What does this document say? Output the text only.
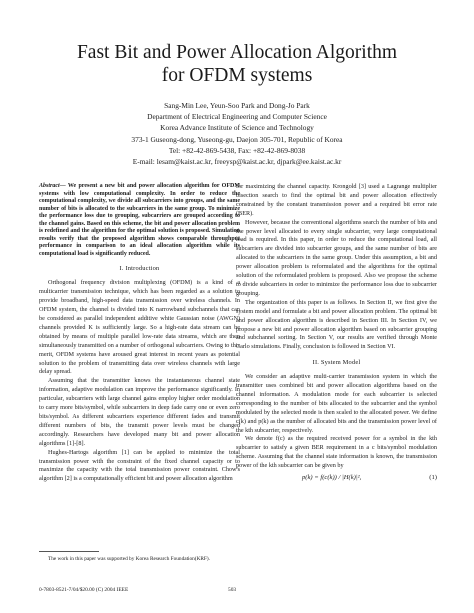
Fast Bit and Power Allocation Algorithm
for OFDM systems
Sang-Min Lee, Yeun-Soo Park and Dong-Jo Park
Department of Electrical Engineering and Computer Science
Korea Advance Institute of Science and Technology
373-1 Guseong-dong, Yuseong-gu, Daejon 305-701, Republic of Korea
Tel: +82-42-869-5438, Fax: +82-42-869-8038
E-mail: lesam@kaist.ac.kr, freeysp@kaist.ac.kr, djpark@ee.kaist.ac.kr

Abstract— We present a new bit and power allocation algorithm for OFDM systems with low computational complexity. In order to reduce the computational complexity, we divide all subcarriers into groups, and the same number of bits is allocated to the subcarriers in the same group. To minimize the performance loss due to grouping, subcarriers are grouped according to the channel gains. Based on this scheme, the bit and power allocation problem is redefined and the algorithm for the optimal solution is proposed. Simulation results verify that the proposed algorithm shows comparable throughput performance in comparison to an ideal allocation algorithm while its computational load is significantly reduced.

I. Introduction

Orthogonal frequency division multiplexing (OFDM) is a kind of a multicarrier transmission technique, which has been regarded as a solution to provide broadband, high-speed data transmission over wireless channels. In OFDM system, the channel is divided into K narrowband subchannels that can be considered as parallel independent additive white Gaussian noise (AWGN) channels provided K is sufficiently large. So a high-rate data stream can be obtained by means of multiple parallel low-rate data streams, which are then simultaneously transmitted on a number of orthogonal subcarriers. Owing to this merit, OFDM systems have aroused great interest in recent years as potential solution to the problem of transmitting data over wireless channels with large delay spread.

Assuming that the transmitter knows the instantaneous channel state information, adaptive modulation can improve the performance significantly. In particular, subcarriers with large channel gains employ higher order modulation to carry more bits/symbol, while subcarriers in deep fade carry one or even zero bits/symbol. As different subcarriers experience different fades and transmit different numbers of bits, the transmit power levels must be changed accordingly. Researchers have developed many bit and power allocation algorithms [1]-[8].

Hughes-Hartogs algorithm [1] can be applied to minimize the total transmission power with the constraint of the fixed channel capacity or to maximize the capacity with the total transmission power constraint. Chow's algorithm [2] is a computationally efficient bit and power allocation algorithm

for maximizing the channel capacity. Krongold [3] used a Lagrange multiplier bisection search to find the optimal bit and power allocation effectively constrained by the constant transmission power and a required bit error rate (BER).

However, because the conventional algorithms search the number of bits and the power level allocated to every single subcarrier, very large computational load is required. In this paper, in order to reduce the computational load, all subcarriers are divided into subcarrier groups, and the same number of bits are allocated to the subcarriers in the same group. Under this assumption, a bit and power allocation problem is reformulated and the algorithms for the optimal solution of the reformulated problem is proposed. Also we propose the scheme to divide subcarriers in order to minimize the performance loss due to subcarrier grouping.

The organization of this paper is as follows. In Section II, we first give the system model and formulate a bit and power allocation problem. The optimal bit and power allocation algorithm is described in Section III. In Section IV, we propose a new bit and power allocation algorithm based on subcarrier grouping and subchannel sorting. In Section V, our results are verified through Monte Carlo simulations. Finally, conclusion is followed in Section VI.

II. System Model

We consider an adaptive multi-carrier transmission system in which the transmitter uses combined bit and power allocation algorithms based on the channel information. A modulation mode for each subcarrier is selected corresponding to the number of bits allocated to the subcarrier and the symbol modulated by the selected mode is then scaled to the allocated power. We define c(k) and p(k) as the number of allocated bits and the transmission power level of the kth subcarrier, respectively.

We denote f(c) as the required received power for a symbol in the kth subcarrier to satisfy a given BER requirement in a c bits/symbol modulation scheme. Assuming that the channel state information is known, the transmission power of the kth subcarrier can be given by

p(k) = f(c(k)) / |H(k)|²,	(1)
The work in this paper was supported by Korea Research Foundation(KRF).
0-7803-8521-7/04/$20.00 (C) 2004 IEEE	503
